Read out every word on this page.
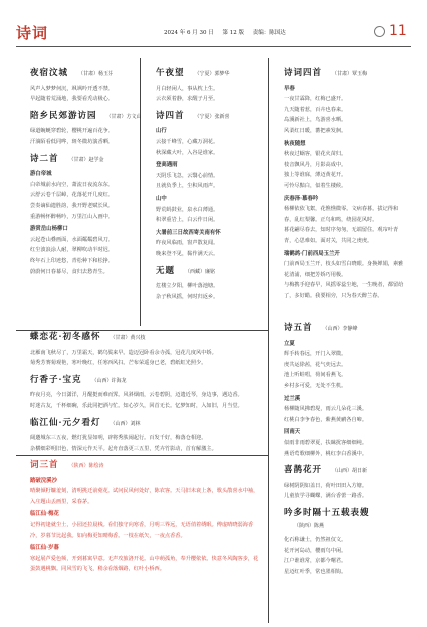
诗词	2024 年 6 月 30 日 第 12 版 责编：陈国达	11
夜宿汶城 （甘肃）杨玉芬
风声入梦梦何沉，飒飒吟开透不禁。
早起随着荒涌地，我要看秃动极心。
陪乡民郊游访园 （甘肃）方文山
绿道蜿蜒穿碧轮，樱桃开遍百花争。
汗淌陌看低同哗，斑冬微坊演香晒。
诗二首 （甘肃）赵学金
游白帝城
白帝城前水向空，萧流日夜流东东。
云舒云卷千层嶂，花落花开几度红。
尝奏谪仙遗胜韵，我开野老赋长风。
重游畅怀醉畅吟，万里江山入画中。
游赏岳山杨柳口
云起苍山叠画面，水面粼粼碧风刀。
红尘波浪涂人耐，翠柳吹动半时迟。
终年石上印迹悠，青松种下和松挣。
蔚蔚何日春幕尽，食归去愁青生。
午夜望 （宁夏）郭梦华
月白轻闲人，事从枕上生。
云衣须着静，求醒子月至。
诗四首 （宁夏）张新喜
山行
云接千峰雪，心藏万洞花。
秋深藏大叶，入谷是谁家。
登高遇雨
天阴乐飞急，云翳心前情。
且就负季上，尘积风雨声。
山中
野荒蚂鼓业，泉水白薄通。
积翠重岩上，白云作日闲。
大暑前三日故西寄关南有怀
昨夜风临雨，窗声散复闻。
晚来登不见，黏作满天云。
无题 （西藏）廉铭
危楼立夕阳，柳叶落池塘。
杂子秋风摇，何时归返乡。
诗词四首 （甘肃）覃玉梅
早春
一夜甘霖降，红梅已盛开。
九天随着惹，百卉也春来。
岛溪新社上，鸟游喜水晒。
风柔红日暖，蕃把素发徊。
秋夜随想
秋夜过蜗客，银花火苗归。
枝音飘风丹，月影高成中。
独上等谁寐，薄迈黄花开。
可怜尽黯白，似着生楼候。
庆春泽·慕春吟
杨柳依依飞絮，花憔憔微零。文病春暮。拔记得和春，乱红梨馨。正鸟和鸣，绕园花风时。
暮花翩尽春去，知时序匆匆，无端留住。观帘叶青青，心思难如。面对关，共同之虔虔。
瑞鹤鸪·门前西局玉兰开
门前西局玉兰开，枝头如雪白晓眼。身换婵娟，素雅花清浦，细把芳娇巧用极。
与梅携手迎春早，风摇零蕊尘地，一生晚者，都留给了，多好蜡。我要相旁，只为春天醉兰春。
诗五首 （山西）李静峰
立夏
辉手转春远，开门入翠微。
虔共运徐茜，花气奕远去。
池上听蛙唱，荷间看燕飞。
乡村多可爱，无处不生机。
过兰溪
杨柳随风拂碧堤，雨云几朵花三溪。
红桃白李争春色，紫燕黄鹂各自啼。
回南天
似雨非雨碧翠夏，扶睐扰客细细纯。
燕语莺歌细柳外，桃红李白香溪中。
喜鹊花开 （山西）胡日新
绿树阴阴如盖日，荷叶田田入方塘。
儿童放学寻蝴蝶，满台香蕾一路香。
吟多时隔十五载表嫂
（陕西）陈燕
化石称谦士，仍然祖仅文。
花开河岛动，樱雨鸟中闲。
江户谁谁常，京都今曙君。
星迈红叶季，常也墨相钩。
蝶恋花·初冬感怀 （甘肃）黄兴枝
北雁南飞秋尽了，万里霜天，鹤鸟鬓来早。造迈冠卧看余寺孤，冠花几度风中娇。
菊秀芳赛菊观艳，寒叶晚红，任寒西风扫。芒布荣遥身已老，碧纸虹光照少。
行香子·宝克 （山西）许海龙
昨夜月亮，今日潇洋，月醒挺而难而霁。风斜烟雨，云卷碧阴，迈遗近琴，身边事，遇边香。
时迷古友，千杯细碗，乐此同把酒与忙。知心岁久，回首无长。忆梦知时，入如旧，月当堂。
临江仙·元夕看灯 （山西）刘林
阔邀城东三五夜，燃灯犹显如明，辟将秀肤闹起行。百发千好，梅落仓相迎。
杂横细彩明旧色，情深元作天平。起舟直落更三五里，凭卉竹影动，首有解激主。
词三首 （陕西）陈绘涛
踏破浣溪沙
晴聚倾籽镰羞刻，清明挑迁前菀花。试问民风何处好，陈农客。天马旧未衰上条，歌头散喜水中袖，入庄题山丢画里，采春茅。
临江仙·梅花
记得初逢就尘土，小园还拉晨栈。看们独守向寒香，月明三界远，无语俏着绣眠。傅虚晴晓弱海香冷，岁暮节比起我。如向梅更知晴梅香。一枝在纸矢，一夜点香香。
临江仙·岁暮
寒起展芦爱色频，开到暮寓早意。无声攻旅洛开花。山中萌孤角，奉升樱依依。快意冬风陶客步，花蛋鼓遇桃飘。同风雪的飞飞，稍余看落烟路，红叶小桥西。
